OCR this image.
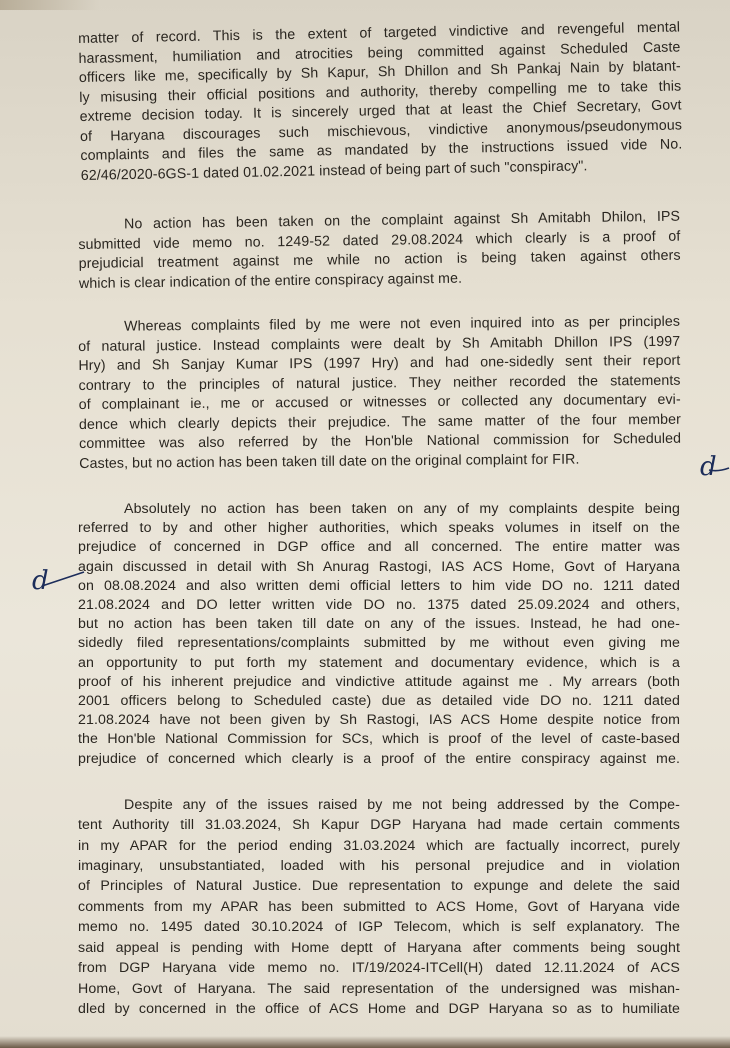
matter of record. This is the extent of targeted vindictive and revengeful mental
harassment, humiliation and atrocities being committed against Scheduled Caste
officers like me, specifically by Sh Kapur, Sh Dhillon and Sh Pankaj Nain by blatant-
ly misusing their official positions and authority, thereby compelling me to take this
extreme decision today. It is sincerely urged that at least the Chief Secretary, Govt
of Haryana discourages such mischievous, vindictive anonymous/pseudonymous
complaints and files the same as mandated by the instructions issued vide No.
62/46/2020-6GS-1 dated 01.02.2021 instead of being part of such "conspiracy".
No action has been taken on the complaint against Sh Amitabh Dhilon, IPS
submitted vide memo no. 1249-52 dated 29.08.2024 which clearly is a proof of
prejudicial treatment against me while no action is being taken against others
which is clear indication of the entire conspiracy against me.
Whereas complaints filed by me were not even inquired into as per principles
of natural justice. Instead complaints were dealt by Sh Amitabh Dhillon IPS (1997
Hry) and Sh Sanjay Kumar IPS (1997 Hry) and had one-sidedly sent their report
contrary to the principles of natural justice. They neither recorded the statements
of complainant ie., me or accused or witnesses or collected any documentary evi-
dence which clearly depicts their prejudice. The same matter of the four member
committee was also referred by the Hon'ble National commission for Scheduled
Castes, but no action has been taken till date on the original complaint for FIR.
Absolutely no action has been taken on any of my complaints despite being
referred to by and other higher authorities, which speaks volumes in itself on the
prejudice of concerned in DGP office and all concerned. The entire matter was
again discussed in detail with Sh Anurag Rastogi, IAS ACS Home, Govt of Haryana
on 08.08.2024 and also written demi official letters to him vide DO no. 1211 dated
21.08.2024 and DO letter written vide DO no. 1375 dated 25.09.2024 and others,
but no action has been taken till date on any of the issues. Instead, he had one-
sidedly filed representations/complaints submitted by me without even giving me
an opportunity to put forth my statement and documentary evidence, which is a
proof of his inherent prejudice and vindictive attitude against me . My arrears (both
2001 officers belong to Scheduled caste) due as detailed vide DO no. 1211 dated
21.08.2024 have not been given by Sh Rastogi, IAS ACS Home despite notice from
the Hon'ble National Commission for SCs, which is proof of the level of caste-based
prejudice of concerned which clearly is a proof of the entire conspiracy against me.
Despite any of the issues raised by me not being addressed by the Compe-
tent Authority till 31.03.2024, Sh Kapur DGP Haryana had made certain comments
in my APAR for the period ending 31.03.2024 which are factually incorrect, purely
imaginary, unsubstantiated, loaded with his personal prejudice and in violation
of Principles of Natural Justice. Due representation to expunge and delete the said
comments from my APAR has been submitted to ACS Home, Govt of Haryana vide
memo no. 1495 dated 30.10.2024 of IGP Telecom, which is self explanatory. The
said appeal is pending with Home deptt of Haryana after comments being sought
from DGP Haryana vide memo no. IT/19/2024-ITCell(H) dated 12.11.2024 of ACS
Home, Govt of Haryana. The said representation of the undersigned was mishan-
dled by concerned in the office of ACS Home and DGP Haryana so as to humiliate
d
d
